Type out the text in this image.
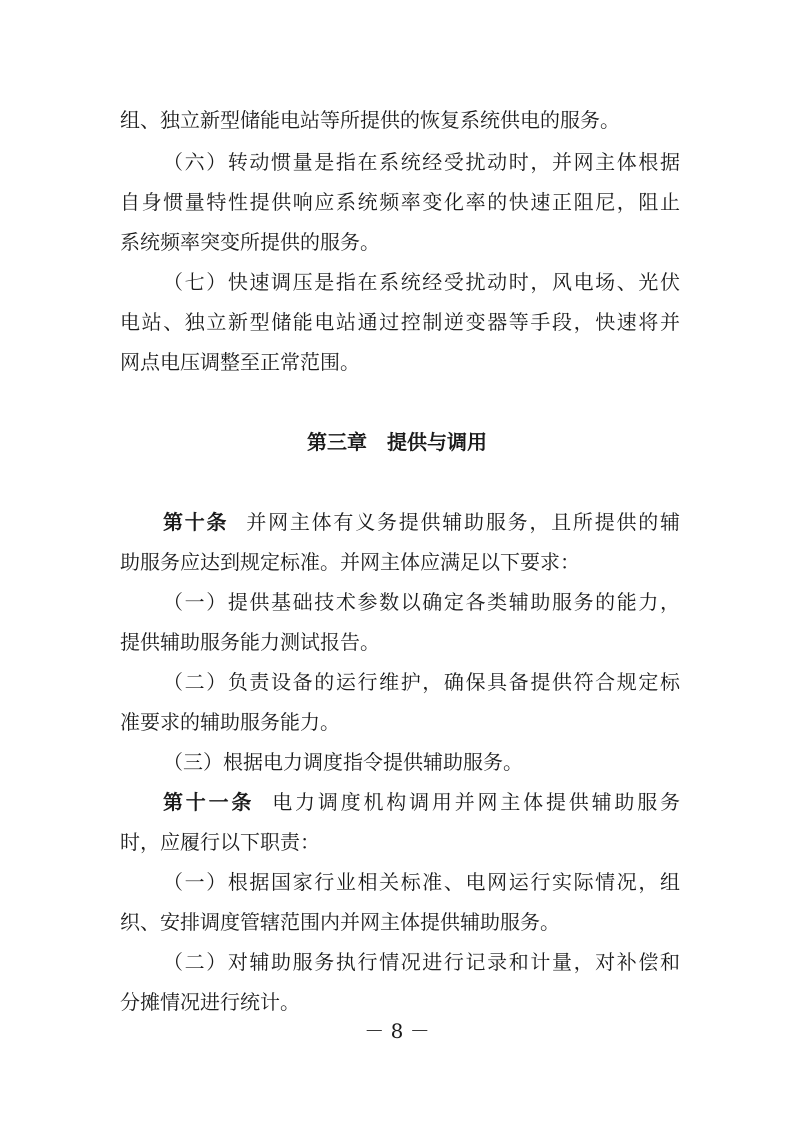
组、独立新型储能电站等所提供的恢复系统供电的服务。
（六）转动惯量是指在系统经受扰动时，并网主体根据
自身惯量特性提供响应系统频率变化率的快速正阻尼，阻止
系统频率突变所提供的服务。
（七）快速调压是指在系统经受扰动时，风电场、光伏
电站、独立新型储能电站通过控制逆变器等手段，快速将并
网点电压调整至正常范围。
第三章　提供与调用
第十条 并网主体有义务提供辅助服务，且所提供的辅
助服务应达到规定标准。并网主体应满足以下要求：
（一）提供基础技术参数以确定各类辅助服务的能力，
提供辅助服务能力测试报告。
（二）负责设备的运行维护，确保具备提供符合规定标
准要求的辅助服务能力。
（三）根据电力调度指令提供辅助服务。
第十一条 电力调度机构调用并网主体提供辅助服务
时，应履行以下职责：
（一）根据国家行业相关标准、电网运行实际情况，组
织、安排调度管辖范围内并网主体提供辅助服务。
（二）对辅助服务执行情况进行记录和计量，对补偿和
分摊情况进行统计。
－ 8 －
